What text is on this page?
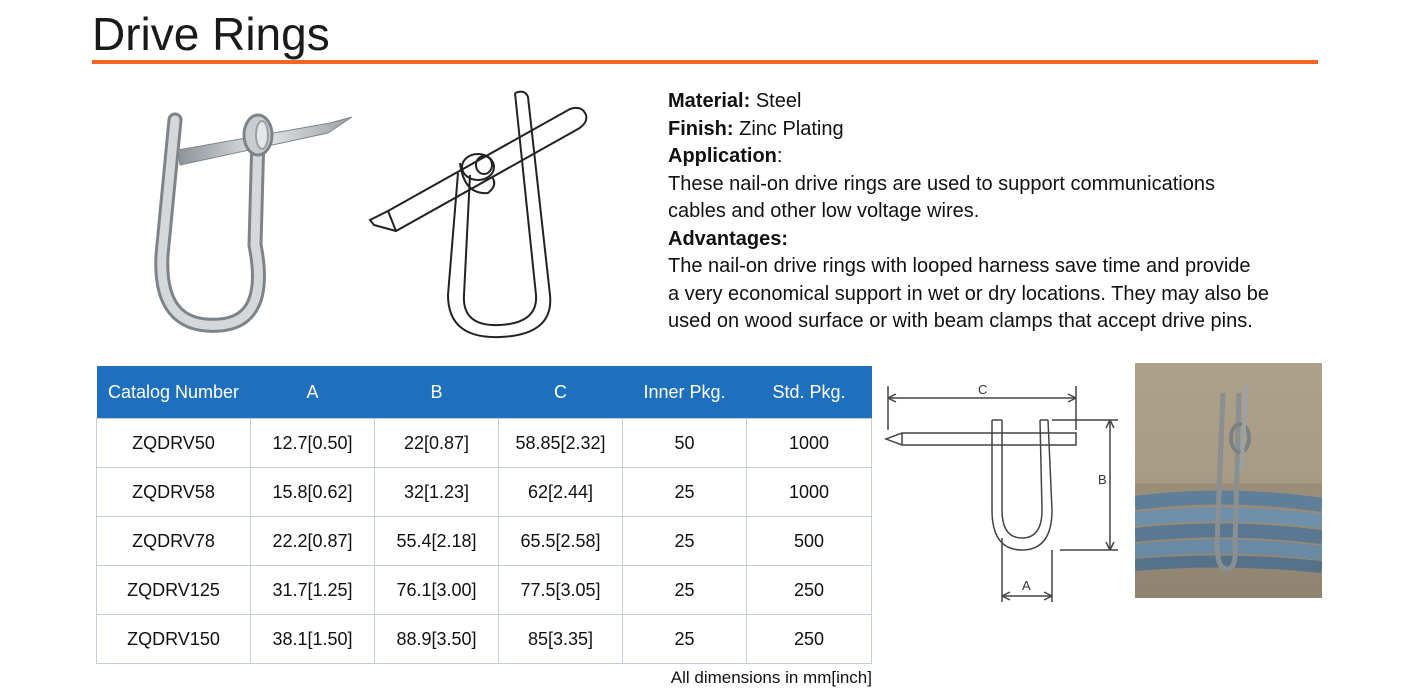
Drive Rings
Material: Steel
Finish: Zinc Plating
Application:
These nail-on drive rings are used to support communications
cables and other low voltage wires.
Advantages:
The nail-on drive rings with looped harness save time and provide
a very economical support in wet or dry locations. They may also be
used on wood surface or with beam clamps that accept drive pins.
Catalog Number	A	B	C	Inner Pkg.	Std. Pkg.
ZQDRV50	12.7[0.50]	22[0.87]	58.85[2.32]	50	1000
ZQDRV58	15.8[0.62]	32[1.23]	62[2.44]	25	1000
ZQDRV78	22.2[0.87]	55.4[2.18]	65.5[2.58]	25	500
ZQDRV125	31.7[1.25]	76.1[3.00]	77.5[3.05]	25	250
ZQDRV150	38.1[1.50]	88.9[3.50]	85[3.35]	25	250
All dimensions in mm[inch]
C
B
A
